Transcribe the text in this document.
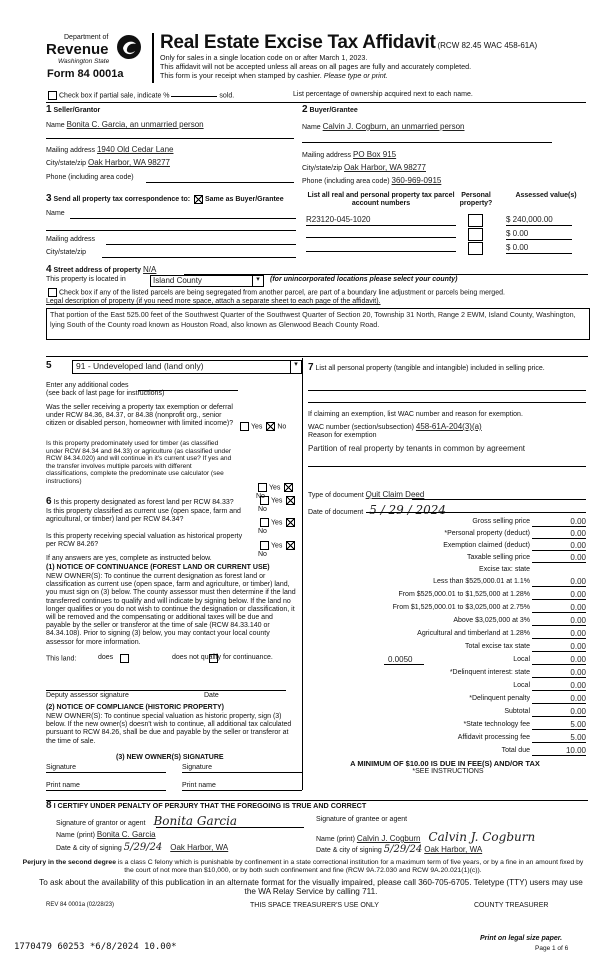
Department of
Revenue
Washington State
Form 84 0001a
Real Estate Excise Tax Affidavit (RCW 82.45 WAC 458-61A)
Only for sales in a single location code on or after March 1, 2023.
This affidavit will not be accepted unless all areas on all pages are fully and accurately completed.
This form is your receipt when stamped by cashier. Please type or print.
Check box if partial sale, indicate %	sold.	List percentage of ownership acquired next to each name.
1 Seller/Grantor
Name Bonita C. Garcia, an unmarried person
Mailing address 1940 Old Cedar Lane
City/state/zip Oak Harbor, WA 98277
Phone (including area code)
2 Buyer/Grantee
Name Calvin J. Cogburn, an unmarried person
Mailing address PO Box 915
City/state/zip Oak Harbor, WA 98277
Phone (including area code) 360-969-0915
3 Send all property tax correspondence to: Same as Buyer/Grantee
Name
Mailing address
City/state/zip
List all real and personal property tax parcel account numbers
Personal property?
Assessed value(s)
R23120-045-1020	$ 240,000.00
$ 0.00
$ 0.00
4 Street address of property N/A
This property is located in	Island County	▾	(for unincorporated locations please select your county)
Check box if any of the listed parcels are being segregated from another parcel, are part of a boundary line adjustment or parcels being merged.
Legal description of property (if you need more space, attach a separate sheet to each page of the affidavit).
That portion of the East 525.00 feet of the Southwest Quarter of the Southwest Quarter of Section 20, Township 31 North, Range 2 EWM, Island County, Washington, lying South of the County road known as Houston Road, also known as Glenwood Beach County Road.
5	91 - Undeveloped land (land only)	▾
Enter any additional codes
(see back of last page for instructions)
Was the seller receiving a property tax exemption or deferral under RCW 84.36, 84.37, or 84.38 (nonprofit org., senior citizen or disabled person, homeowner with limited income)?	Yes No
Is this property predominately used for timber (as classified under RCW 84.34 and 84.33) or agriculture (as classified under RCW 84.34.020) and will continue in it's current use? If yes and the transfer involves multiple parcels with different classifications, complete the predominate use calculator (see instructions)
Yes No
6 Is this property designated as forest land per RCW 84.33?	Yes No
Is this property classified as current use (open space, farm and agricultural, or timber) land per RCW 84.34?	Yes No
Is this property receiving special valuation as historical property per RCW 84.26?	Yes No
If any answers are yes, complete as instructed below.
(1) NOTICE OF CONTINUANCE (FOREST LAND OR CURRENT USE)
NEW OWNER(S): To continue the current designation as forest land or classification as current use (open space, farm and agriculture, or timber) land, you must sign on (3) below. The county assessor must then determine if the land transferred continues to qualify and will indicate by signing below. If the land no longer qualifies or you do not wish to continue the designation or classification, it will be removed and the compensating or additional taxes will be due and payable by the seller or transferor at the time of sale (RCW 84.33.140 or 84.34.108). Prior to signing (3) below, you may contact your local county assessor for more information.
This land:	does	does not qualify for continuance.
Deputy assessor signature	Date
(2) NOTICE OF COMPLIANCE (HISTORIC PROPERTY)
NEW OWNER(S): To continue special valuation as historic property, sign (3) below. If the new owner(s) doesn't wish to continue, all additional tax calculated pursuant to RCW 84.26, shall be due and payable by the seller or transferor at the time of sale.
(3) NEW OWNER(S) SIGNATURE
Signature	Signature
Print name	Print name
7 List all personal property (tangible and intangible) included in selling price.
If claiming an exemption, list WAC number and reason for exemption.
WAC number (section/subsection) 458-61A-204(3)(a)
Reason for exemption
Partition of real property by tenants in common by agreement
Type of document Quit Claim Deed
Date of document 5 / 29 / 2024
Gross selling price	0.00
*Personal property (deduct)	0.00
Exemption claimed (deduct)	0.00
Taxable selling price	0.00
Excise tax: state
Less than $525,000.01 at 1.1%	0.00
From $525,000.01 to $1,525,000 at 1.28%	0.00
From $1,525,000.01 to $3,025,000 at 2.75%	0.00
Above $3,025,000 at 3%	0.00
Agricultural and timberland at 1.28%	0.00
Total excise tax state	0.00
Local	0.00
0.0050
*Delinquent interest: state	0.00
Local	0.00
*Delinquent penalty	0.00
Subtotal	0.00
*State technology fee	5.00
Affidavit processing fee	5.00
Total due	10.00
A MINIMUM OF $10.00 IS DUE IN FEE(S) AND/OR TAX
*SEE INSTRUCTIONS
8 I CERTIFY UNDER PENALTY OF PERJURY THAT THE FOREGOING IS TRUE AND CORRECT
Signature of grantor or agent Bonita Garcia
Name (print) Bonita C. Garcia
Date & city of signing 5/29/24 Oak Harbor, WA
Signature of grantee or agent
Name (print) Calvin J. Cogburn Calvin J. Cogburn
Date & city of signing 5/29/24 Oak Harbor, WA
Perjury in the second degree is a class C felony which is punishable by confinement in a state correctional institution for a maximum term of five years, or by a fine in an amount fixed by the court of not more than $10,000, or by both such confinement and fine (RCW 9A.72.030 and RCW 9A.20.021(1)(c)).
To ask about the availability of this publication in an alternate format for the visually impaired, please call 360-705-6705. Teletype (TTY) users may use the WA Relay Service by calling 711.
REV 84 0001a (02/28/23)	THIS SPACE TREASURER'S USE ONLY	COUNTY TREASURER
1770479 60253 *6/8/2024 10.00*
Print on legal size paper.
Page 1 of 6
